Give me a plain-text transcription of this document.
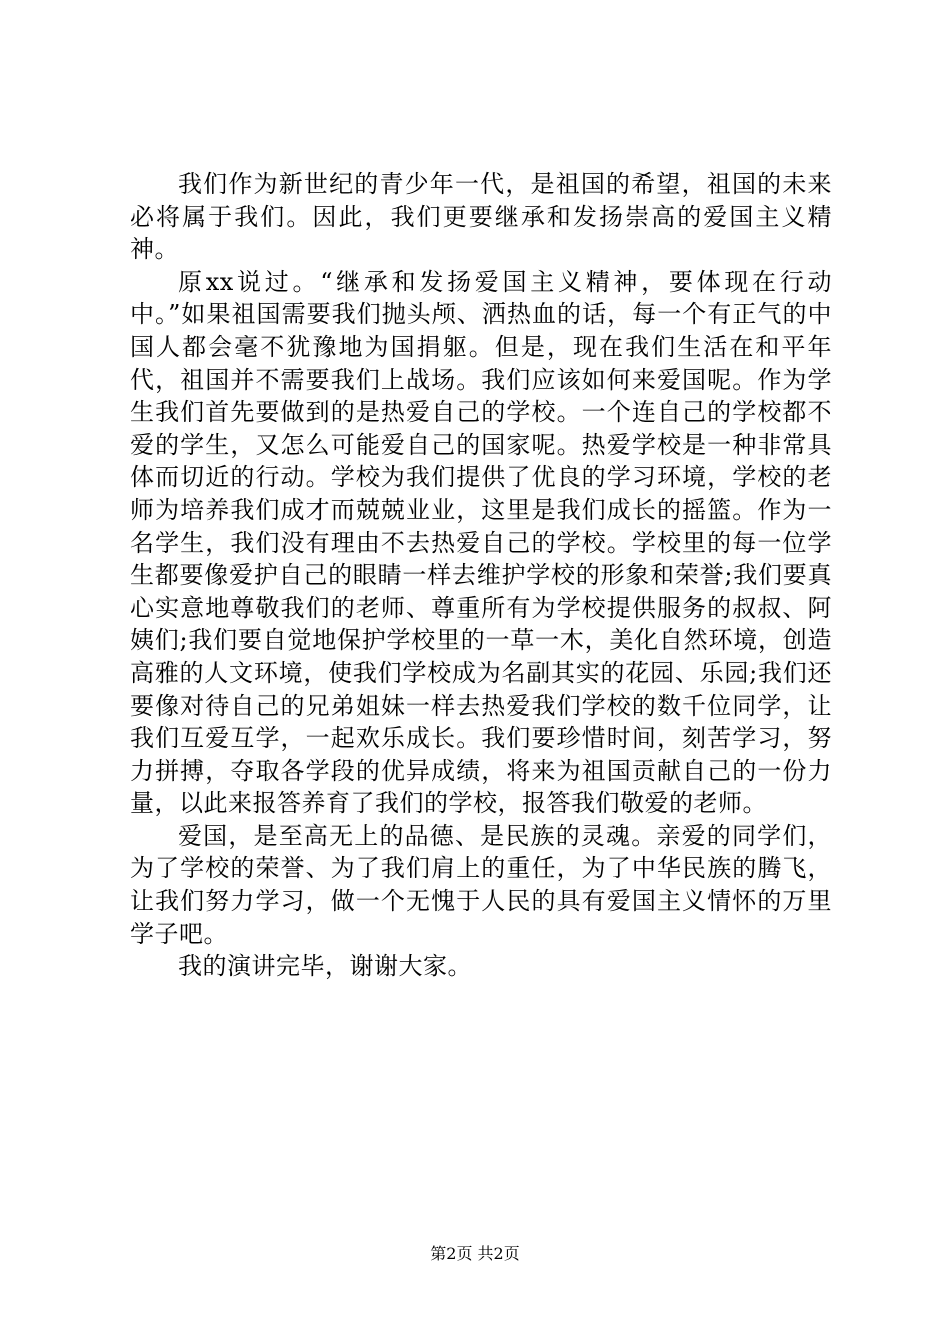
我们作为新世纪的青少年一代，是祖国的希望，祖国的未来必将属于我们。因此，我们更要继承和发扬崇高的爱国主义精神。

原xx说过。“继承和发扬爱国主义精神，要体现在行动中。”如果祖国需要我们抛头颅、洒热血的话，每一个有正气的中国人都会毫不犹豫地为国捐躯。但是，现在我们生活在和平年代，祖国并不需要我们上战场。我们应该如何来爱国呢。作为学生我们首先要做到的是热爱自己的学校。一个连自己的学校都不爱的学生，又怎么可能爱自己的国家呢。热爱学校是一种非常具体而切近的行动。学校为我们提供了优良的学习环境，学校的老师为培养我们成才而兢兢业业，这里是我们成长的摇篮。作为一名学生，我们没有理由不去热爱自己的学校。学校里的每一位学生都要像爱护自己的眼睛一样去维护学校的形象和荣誉;我们要真心实意地尊敬我们的老师、尊重所有为学校提供服务的叔叔、阿姨们;我们要自觉地保护学校里的一草一木，美化自然环境，创造高雅的人文环境，使我们学校成为名副其实的花园、乐园;我们还要像对待自己的兄弟姐妹一样去热爱我们学校的数千位同学，让我们互爱互学，一起欢乐成长。我们要珍惜时间，刻苦学习，努力拼搏，夺取各学段的优异成绩，将来为祖国贡献自己的一份力量，以此来报答养育了我们的学校，报答我们敬爱的老师。

爱国，是至高无上的品德、是民族的灵魂。亲爱的同学们，为了学校的荣誉、为了我们肩上的重任，为了中华民族的腾飞，让我们努力学习，做一个无愧于人民的具有爱国主义情怀的万里学子吧。

我的演讲完毕，谢谢大家。

第2页 共2页
